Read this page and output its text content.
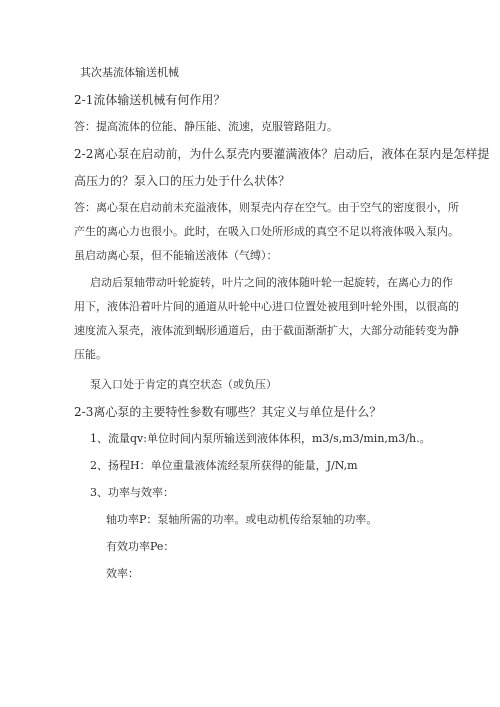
其次基流体输送机械
2-1流体输送机械有何作用？
答：提高流体的位能、静压能、流速，克服管路阻力。
2-2离心泵在启动前，为什么泵壳内要灌满液体？启动后，液体在泵内是怎样提
高压力的？泵入口的压力处于什么状体？
答：离心泵在启动前未充溢液体，则泵壳内存在空气。由于空气的密度很小，所
产生的离心力也很小。此时，在吸入口处所形成的真空不足以将液体吸入泵内。
虽启动离心泵，但不能输送液体（气缚）：
启动后泵轴带动叶轮旋转，叶片之间的液体随叶轮一起旋转，在离心力的作
用下，液体沿着叶片间的通道从叶轮中心进口位置处被甩到叶轮外围，以很高的
速度流入泵壳，液体流到蜗形通道后，由于截面渐渐扩大，大部分动能转变为静
压能。
泵入口处于肯定的真空状态（或负压）
2-3离心泵的主要特性参数有哪些？其定义与单位是什么？
1、流量qv:单位时间内泵所输送到液体体积，m3/s,m3/min,m3/h.。
2、扬程H：单位重量液体流经泵所获得的能量，J/N,m
3、功率与效率：
轴功率P：泵轴所需的功率。或电动机传给泵轴的功率。
有效功率Pe：
效率：
